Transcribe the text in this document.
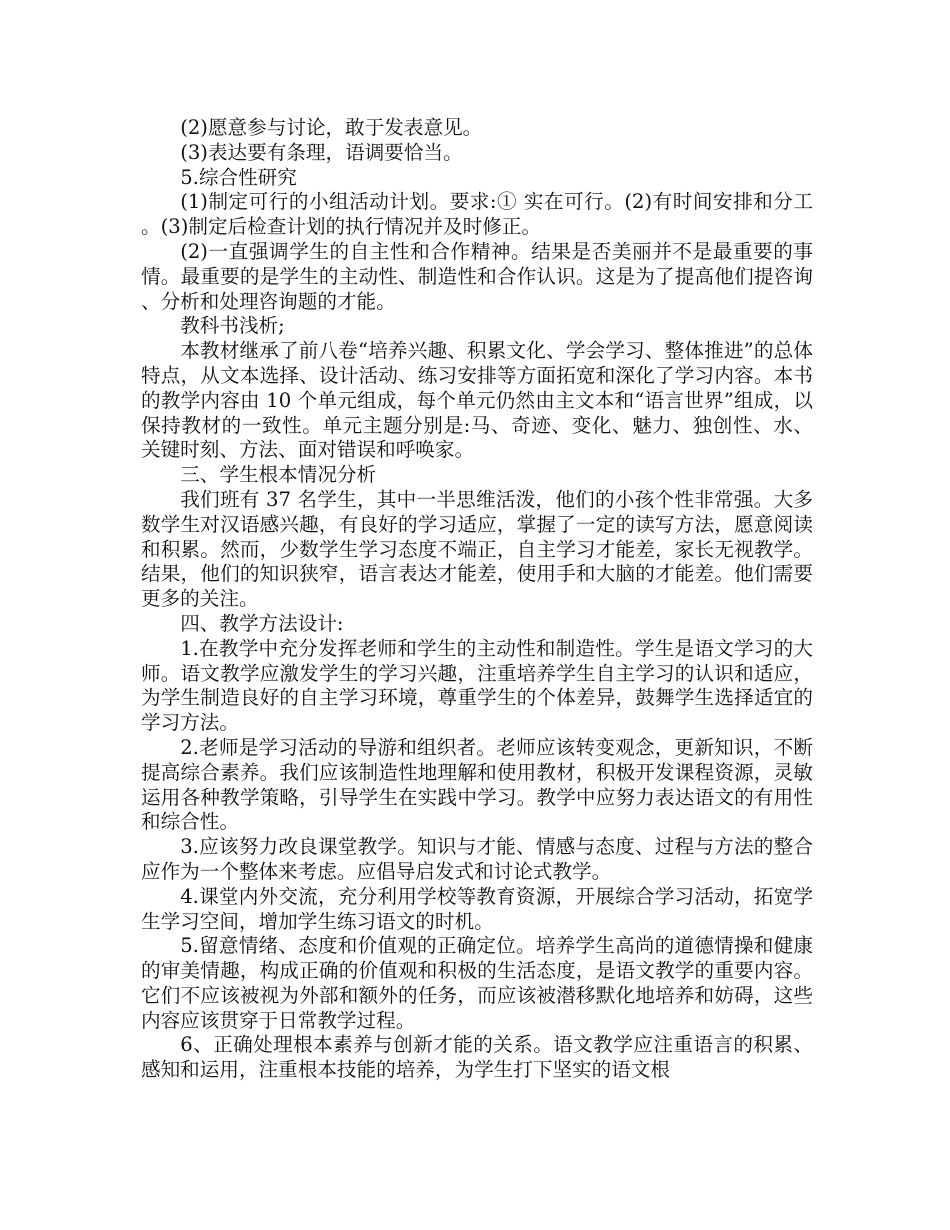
(2)愿意参与讨论，敢于发表意见。

(3)表达要有条理，语调要恰当。

5.综合性研究

(1)制定可行的小组活动计划。要求:① 实在可行。(2)有时间安排和分工。(3)制定后检查计划的执行情况并及时修正。

(2)一直强调学生的自主性和合作精神。结果是否美丽并不是最重要的事情。最重要的是学生的主动性、制造性和合作认识。这是为了提高他们提咨询、分析和处理咨询题的才能。

教科书浅析;

本教材继承了前八卷“培养兴趣、积累文化、学会学习、整体推进”的总体特点，从文本选择、设计活动、练习安排等方面拓宽和深化了学习内容。本书的教学内容由 10 个单元组成，每个单元仍然由主文本和“语言世界”组成，以保持教材的一致性。单元主题分别是:马、奇迹、变化、魅力、独创性、水、关键时刻、方法、面对错误和呼唤家。

三、学生根本情况分析

我们班有 37 名学生，其中一半思维活泼，他们的小孩个性非常强。大多数学生对汉语感兴趣，有良好的学习适应，掌握了一定的读写方法，愿意阅读和积累。然而，少数学生学习态度不端正，自主学习才能差，家长无视教学。结果，他们的知识狭窄，语言表达才能差，使用手和大脑的才能差。他们需要更多的关注。

四、教学方法设计:

1.在教学中充分发挥老师和学生的主动性和制造性。学生是语文学习的大师。语文教学应激发学生的学习兴趣，注重培养学生自主学习的认识和适应，为学生制造良好的自主学习环境，尊重学生的个体差异，鼓舞学生选择适宜的学习方法。

2.老师是学习活动的导游和组织者。老师应该转变观念，更新知识，不断提高综合素养。我们应该制造性地理解和使用教材，积极开发课程资源，灵敏运用各种教学策略，引导学生在实践中学习。教学中应努力表达语文的有用性和综合性。

3.应该努力改良课堂教学。知识与才能、情感与态度、过程与方法的整合应作为一个整体来考虑。应倡导启发式和讨论式教学。

4.课堂内外交流，充分利用学校等教育资源，开展综合学习活动，拓宽学生学习空间，增加学生练习语文的时机。

5.留意情绪、态度和价值观的正确定位。培养学生高尚的道德情操和健康的审美情趣，构成正确的价值观和积极的生活态度，是语文教学的重要内容。它们不应该被视为外部和额外的任务，而应该被潜移默化地培养和妨碍，这些内容应该贯穿于日常教学过程。

6、正确处理根本素养与创新才能的关系。语文教学应注重语言的积累、感知和运用，注重根本技能的培养，为学生打下坚实的语文根
